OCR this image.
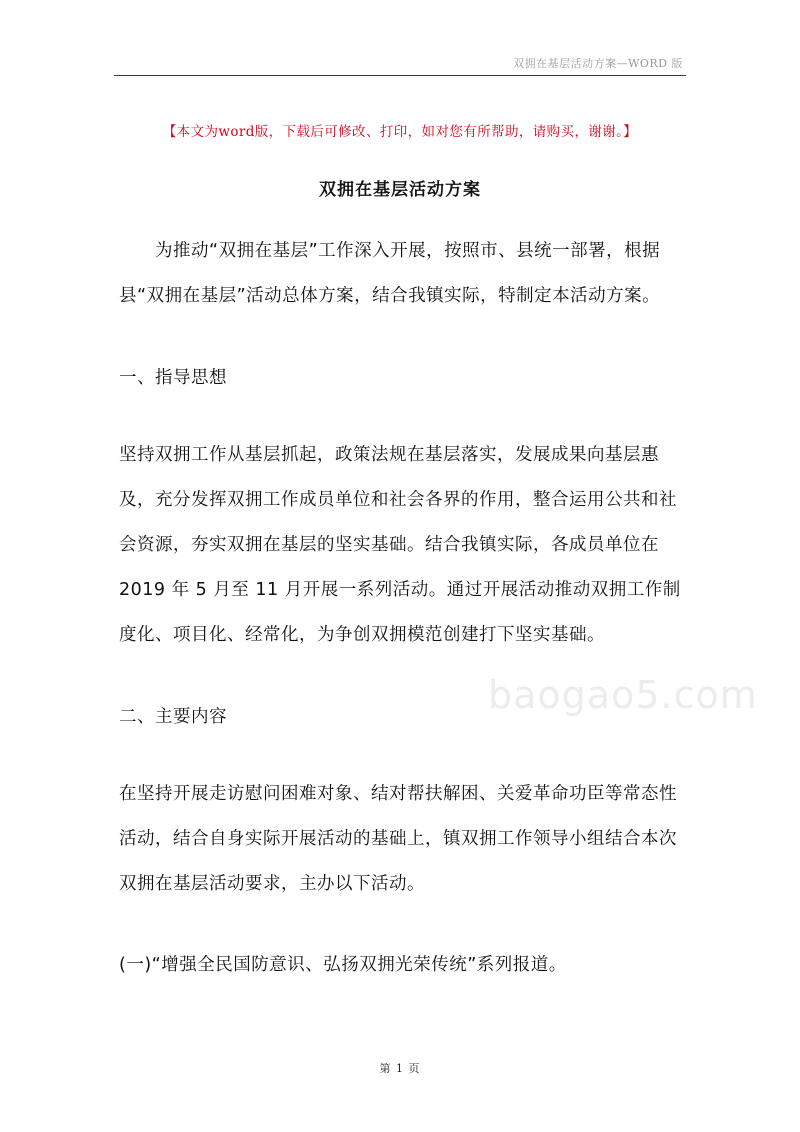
双拥在基层活动方案—WORD 版
【本文为word版，下载后可修改、打印，如对您有所帮助，请购买，谢谢。】
双拥在基层活动方案

为推动“双拥在基层”工作深入开展，按照市、县统一部署，根据县“双拥在基层”活动总体方案，结合我镇实际，特制定本活动方案。

一、指导思想

坚持双拥工作从基层抓起，政策法规在基层落实，发展成果向基层惠及，充分发挥双拥工作成员单位和社会各界的作用，整合运用公共和社会资源，夯实双拥在基层的坚实基础。结合我镇实际，各成员单位在 2019 年 5 月至 11 月开展一系列活动。通过开展活动推动双拥工作制度化、项目化、经常化，为争创双拥模范创建打下坚实基础。

二、主要内容

在坚持开展走访慰问困难对象、结对帮扶解困、关爱革命功臣等常态性活动，结合自身实际开展活动的基础上，镇双拥工作领导小组结合本次双拥在基层活动要求，主办以下活动。

(一)“增强全民国防意识、弘扬双拥光荣传统”系列报道。

baogao5.com
第 1 页
